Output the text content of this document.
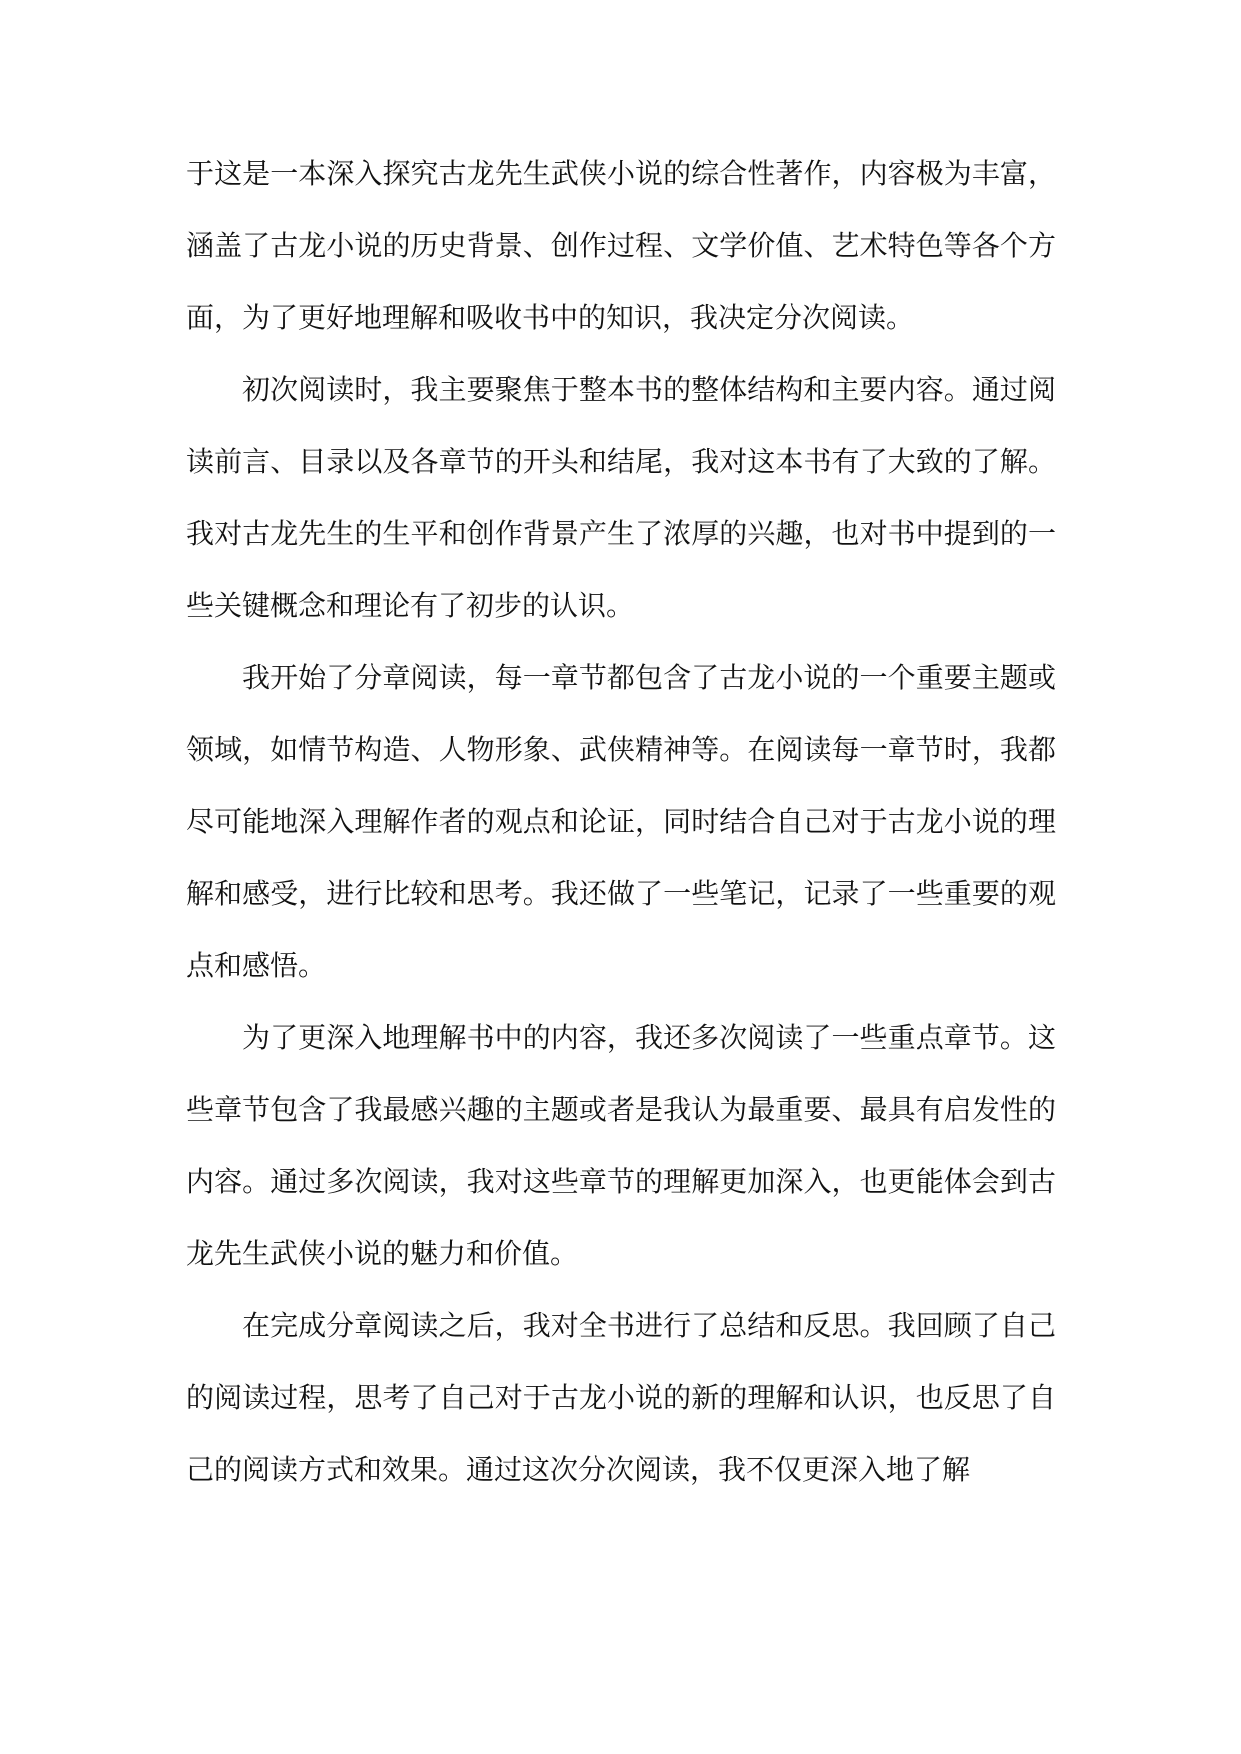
于这是一本深入探究古龙先生武侠小说的综合性著作，内容极为丰富，涵盖了古龙小说的历史背景、创作过程、文学价值、艺术特色等各个方面，为了更好地理解和吸收书中的知识，我决定分次阅读。

初次阅读时，我主要聚焦于整本书的整体结构和主要内容。通过阅读前言、目录以及各章节的开头和结尾，我对这本书有了大致的了解。我对古龙先生的生平和创作背景产生了浓厚的兴趣，也对书中提到的一些关键概念和理论有了初步的认识。

我开始了分章阅读，每一章节都包含了古龙小说的一个重要主题或领域，如情节构造、人物形象、武侠精神等。在阅读每一章节时，我都尽可能地深入理解作者的观点和论证，同时结合自己对于古龙小说的理解和感受，进行比较和思考。我还做了一些笔记，记录了一些重要的观点和感悟。

为了更深入地理解书中的内容，我还多次阅读了一些重点章节。这些章节包含了我最感兴趣的主题或者是我认为最重要、最具有启发性的内容。通过多次阅读，我对这些章节的理解更加深入，也更能体会到古龙先生武侠小说的魅力和价值。

在完成分章阅读之后，我对全书进行了总结和反思。我回顾了自己的阅读过程，思考了自己对于古龙小说的新的理解和认识，也反思了自己的阅读方式和效果。通过这次分次阅读，我不仅更深入地了解
